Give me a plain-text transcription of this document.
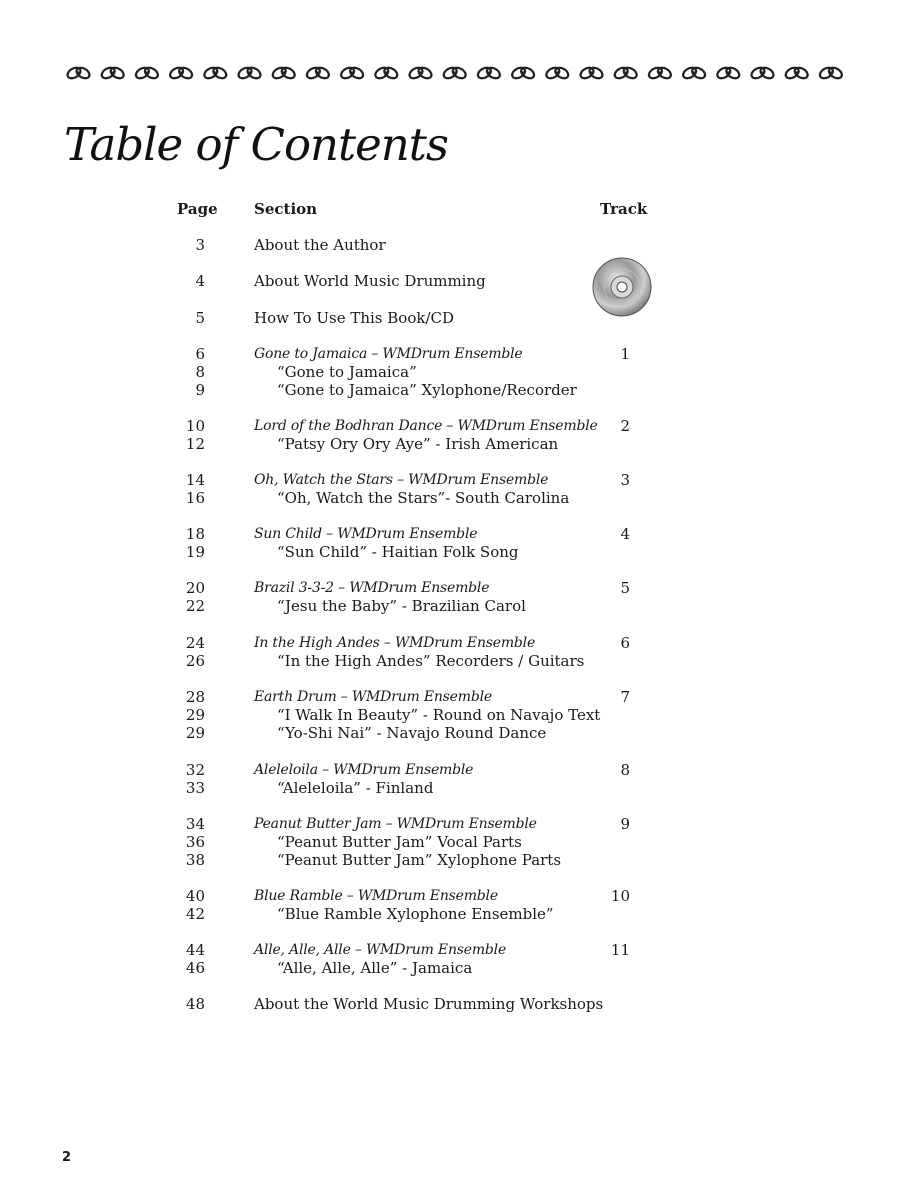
Table of Contents
Page Section	Track
3	About the Author
4	About World Music Drumming
5	How To Use This Book/CD
6	Gone to Jamaica – WMDrum Ensemble	1
8	“Gone to Jamaica”
9	“Gone to Jamaica” Xylophone/Recorder
10	Lord of the Bodhran Dance – WMDrum Ensemble	2
12	“Patsy Ory Ory Aye” - Irish American
14	Oh, Watch the Stars – WMDrum Ensemble	3
16	“Oh, Watch the Stars”- South Carolina
18	Sun Child – WMDrum Ensemble	4
19	“Sun Child” - Haitian Folk Song
20	Brazil 3-3-2 – WMDrum Ensemble	5
22	“Jesu the Baby” - Brazilian Carol
24	In the High Andes – WMDrum Ensemble	6
26	“In the High Andes” Recorders / Guitars
28	Earth Drum – WMDrum Ensemble	7
29	“I Walk In Beauty” - Round on Navajo Text
29	“Yo-Shi Nai” - Navajo Round Dance
32	Aleleloila – WMDrum Ensemble	8
33	“Aleleloila” - Finland
34	Peanut Butter Jam – WMDrum Ensemble	9
36	“Peanut Butter Jam” Vocal Parts
38	“Peanut Butter Jam” Xylophone Parts
40	Blue Ramble – WMDrum Ensemble	10
42	“Blue Ramble Xylophone Ensemble”
44	Alle, Alle, Alle – WMDrum Ensemble	11
46	“Alle, Alle, Alle” - Jamaica
48	About the World Music Drumming Workshops
2
